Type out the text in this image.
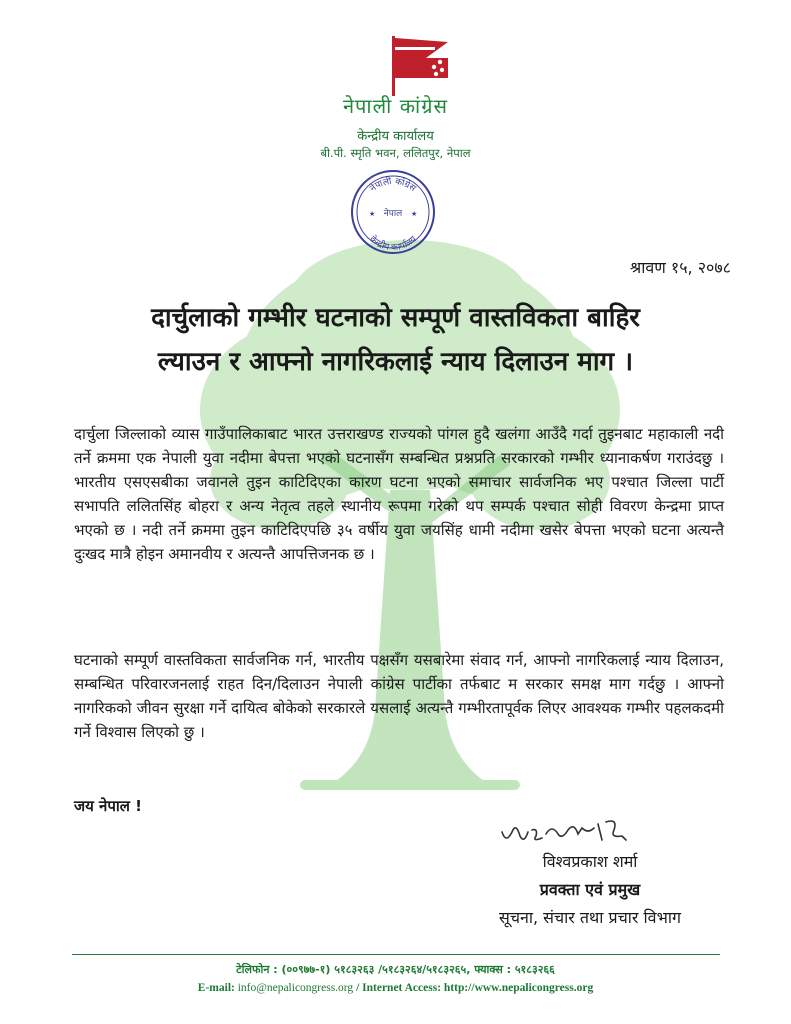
नेपाली कांग्रेस
केन्द्रीय कार्यालय
बी.पी. स्मृति भवन, ललितपुर, नेपाल
नेपाली कांग्रेस
नेपाल
केन्द्रीय कार्यालय
★	★
श्रावण १५, २०७८
दार्चुलाको गम्भीर घटनाको सम्पूर्ण वास्तविकता बाहिर
ल्याउन र आफ्नो नागरिकलाई न्याय दिलाउन माग ।

दार्चुला जिल्लाको व्यास गाउँपालिकाबाट भारत उत्तराखण्ड राज्यको पांगल हुदै खलंगा आउँदै गर्दा तुइनबाट महाकाली नदी तर्ने क्रममा एक नेपाली युवा नदीमा बेपत्ता भएको घटनासँग सम्बन्धित प्रश्नप्रति सरकारको गम्भीर ध्यानाकर्षण गराउंदछु । भारतीय एसएसबीका जवानले तुइन काटिदिएका कारण घटना भएको समाचार सार्वजनिक भए पश्चात जिल्ला पार्टी सभापति ललितसिंह बोहरा र अन्य नेतृत्व तहले स्थानीय रूपमा गरेको थप सम्पर्क पश्चात सोही विवरण केन्द्रमा प्राप्त भएको छ । नदी तर्ने क्रममा तुइन काटिदिएपछि ३५ वर्षीय युवा जयसिंह धामी नदीमा खसेर बेपत्ता भएको घटना अत्यन्तै दुःखद मात्रै होइन अमानवीय र अत्यन्तै आपत्तिजनक छ ।

घटनाको सम्पूर्ण वास्तविकता सार्वजनिक गर्न, भारतीय पक्षसँग यसबारेमा संवाद गर्न, आफ्नो नागरिकलाई न्याय दिलाउन, सम्बन्धित परिवारजनलाई राहत दिन/दिलाउन नेपाली कांग्रेस पार्टीका तर्फबाट म सरकार समक्ष माग गर्दछु । आफ्नो नागरिकको जीवन सुरक्षा गर्ने दायित्व बोकेको सरकारले यसलाई अत्यन्तै गम्भीरतापूर्वक लिएर आवश्यक गम्भीर पहलकदमी गर्ने विश्वास लिएको छु ।

जय नेपाल !
विश्वप्रकाश शर्मा
प्रवक्ता एवं प्रमुख
सूचना, संचार तथा प्रचार विभाग
टेलिफोन : (००९७७-१) ५१८३२६३ /५१८३२६४/५१८३२६५, फ्याक्स : ५१८३२६६
E-mail: info@nepalicongress.org / Internet Access: http://www.nepalicongress.org
